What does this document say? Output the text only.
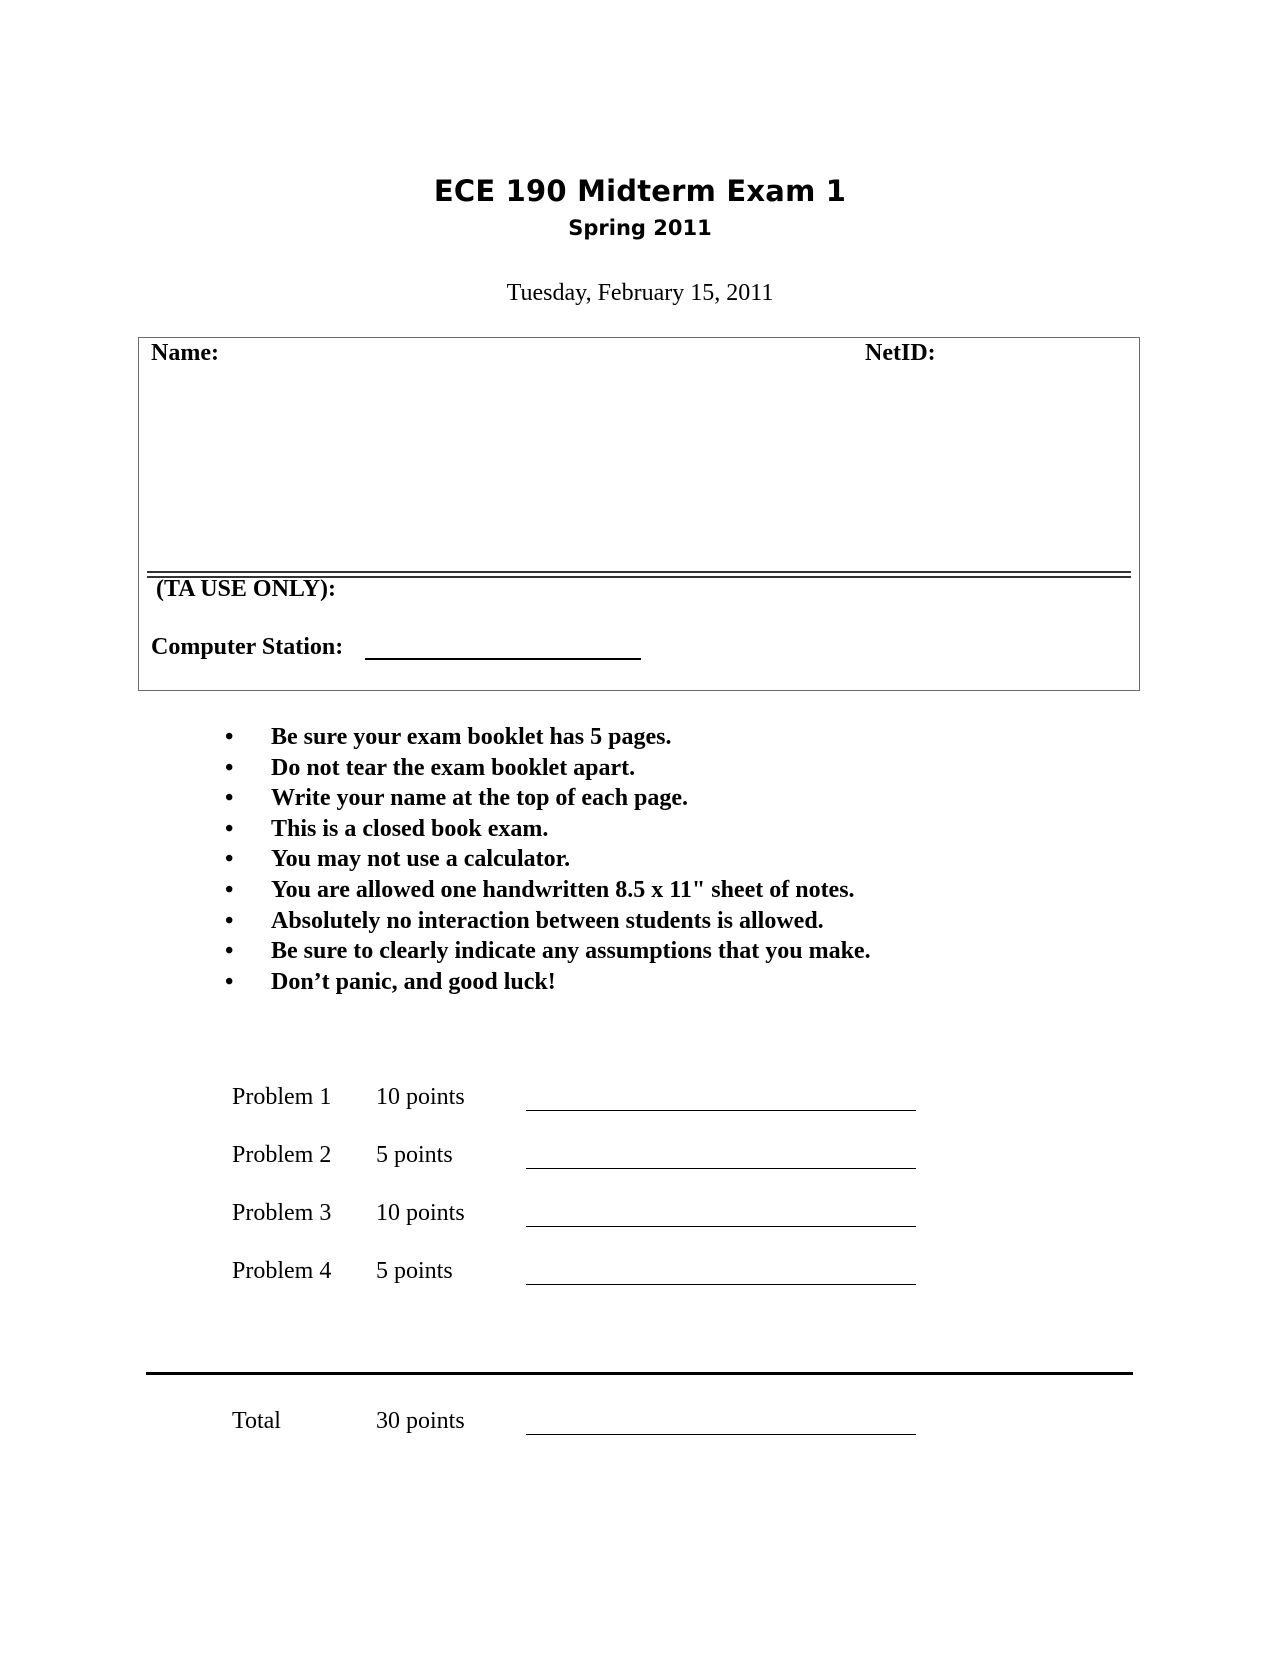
ECE 190 Midterm Exam 1
Spring 2011
Tuesday, February 15, 2011
Name:	NetID:
(TA USE ONLY):
Computer Station:
• Be sure your exam booklet has 5 pages.
• Do not tear the exam booklet apart.
• Write your name at the top of each page.
• This is a closed book exam.
• You may not use a calculator.
• You are allowed one handwritten 8.5 x 11" sheet of notes.
• Absolutely no interaction between students is allowed.
• Be sure to clearly indicate any assumptions that you make.
• Don’t panic, and good luck!
Problem 1 10 points
Problem 2 5 points
Problem 3 10 points
Problem 4 5 points
Total	30 points
